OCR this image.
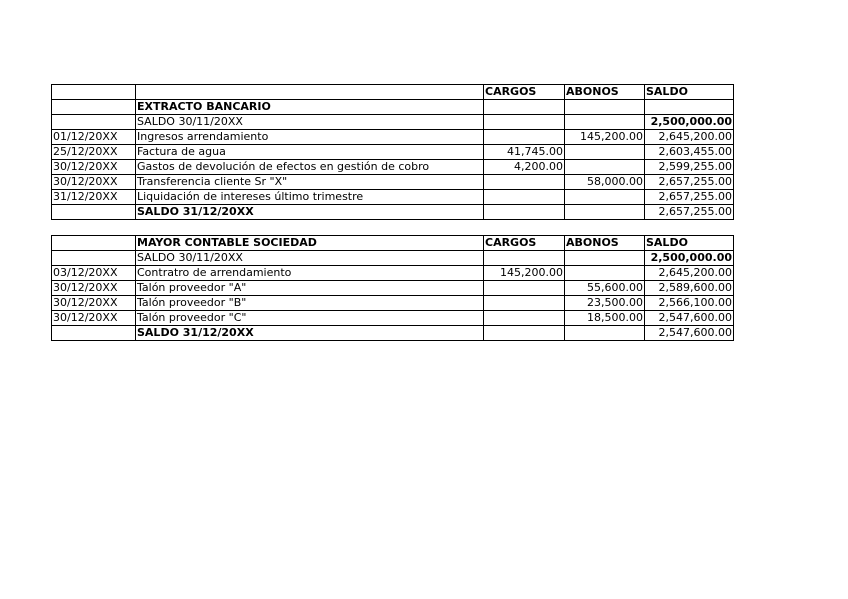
		CARGOS	ABONOS	SALDO
	EXTRACTO BANCARIO			
	SALDO 30/11/20XX			2,500,000.00
01/12/20XX	Ingresos arrendamiento		145,200.00	2,645,200.00
25/12/20XX	Factura de agua	41,745.00		2,603,455.00
30/12/20XX	Gastos de devolución de efectos en gestión de cobro	4,200.00		2,599,255.00
30/12/20XX	Transferencia cliente Sr "X"		58,000.00	2,657,255.00
31/12/20XX	Liquidación de intereses último trimestre			2,657,255.00
	SALDO 31/12/20XX			2,657,255.00
	MAYOR CONTABLE SOCIEDAD	CARGOS	ABONOS	SALDO
	SALDO 30/11/20XX			2,500,000.00
03/12/20XX	Contratro de arrendamiento	145,200.00		2,645,200.00
30/12/20XX	Talón proveedor "A"		55,600.00	2,589,600.00
30/12/20XX	Talón proveedor "B"		23,500.00	2,566,100.00
30/12/20XX	Talón proveedor "C"		18,500.00	2,547,600.00
	SALDO 31/12/20XX			2,547,600.00
